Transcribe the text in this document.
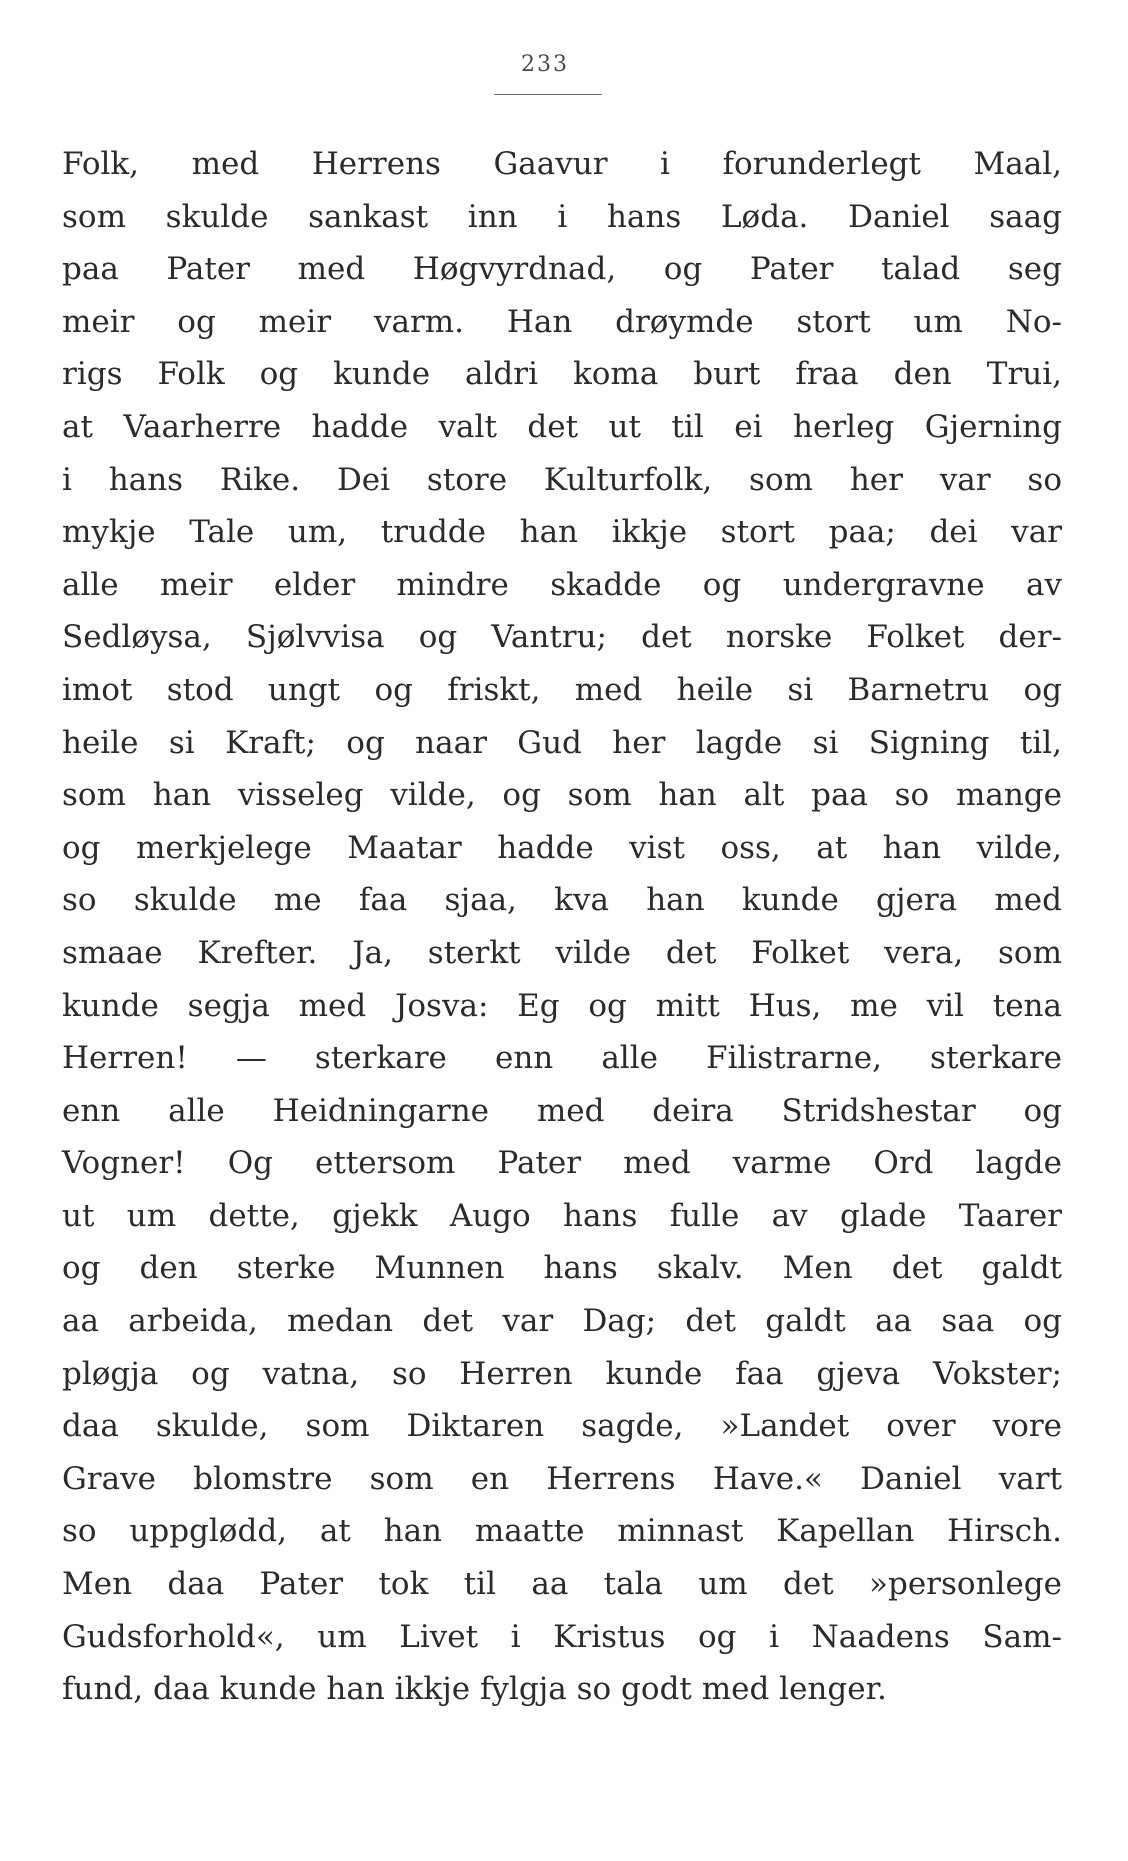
233
Folk, med Herrens Gaavur i forunderlegt Maal,
som skulde sankast inn i hans Løda. Daniel saag
paa Pater med Høgvyrdnad, og Pater talad seg
meir og meir varm. Han drøymde stort um No-
rigs Folk og kunde aldri koma burt fraa den Trui,
at Vaarherre hadde valt det ut til ei herleg Gjerning
i hans Rike. Dei store Kulturfolk, som her var so
mykje Tale um, trudde han ikkje stort paa; dei var
alle meir elder mindre skadde og undergravne av
Sedløysa, Sjølvvisa og Vantru; det norske Folket der-
imot stod ungt og friskt, med heile si Barnetru og
heile si Kraft; og naar Gud her lagde si Signing til,
som han visseleg vilde, og som han alt paa so mange
og merkjelege Maatar hadde vist oss, at han vilde,
so skulde me faa sjaa, kva han kunde gjera med
smaae Krefter. Ja, sterkt vilde det Folket vera, som
kunde segja med Josva: Eg og mitt Hus, me vil tena
Herren! — sterkare enn alle Filistrarne, sterkare
enn alle Heidningarne med deira Stridshestar og
Vogner! Og ettersom Pater med varme Ord lagde
ut um dette, gjekk Augo hans fulle av glade Taarer
og den sterke Munnen hans skalv. Men det galdt
aa arbeida, medan det var Dag; det galdt aa saa og
pløgja og vatna, so Herren kunde faa gjeva Vokster;
daa skulde, som Diktaren sagde, »Landet over vore
Grave blomstre som en Herrens Have.« Daniel vart
so uppglødd, at han maatte minnast Kapellan Hirsch.
Men daa Pater tok til aa tala um det »personlege
Gudsforhold«, um Livet i Kristus og i Naadens Sam-
fund, daa kunde han ikkje fylgja so godt med lenger.
